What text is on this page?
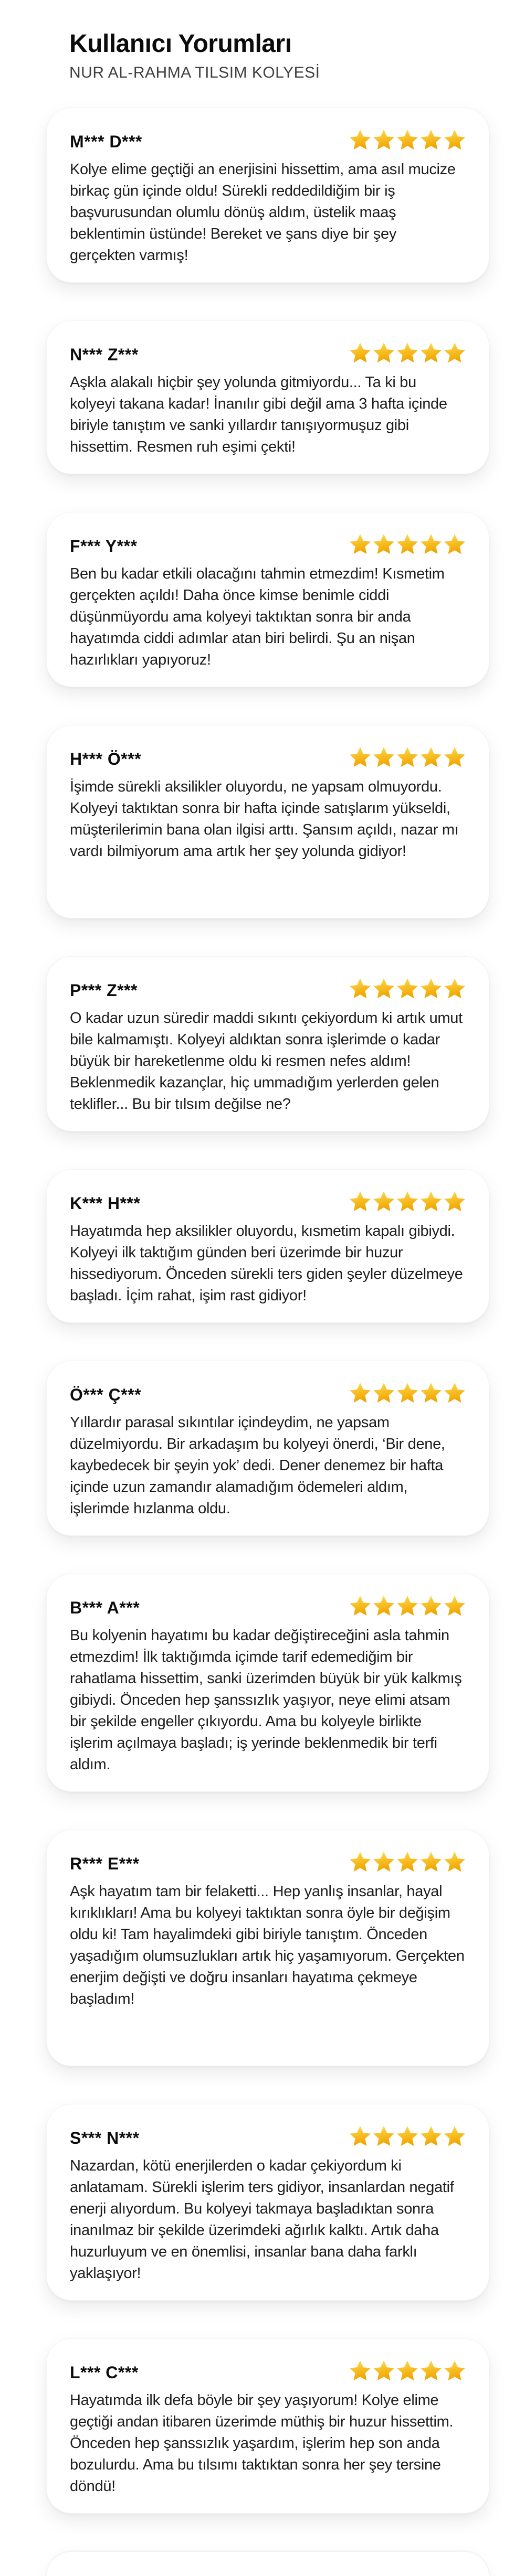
Kullanıcı Yorumları
NUR AL-RAHMA TILSIM KOLYESİ
M*** D***

Kolye elime geçtiği an enerjisini hissettim, ama asıl mucize birkaç gün içinde oldu! Sürekli reddedildiğim bir iş başvurusundan olumlu dönüş aldım, üstelik maaş beklentimin üstünde! Bereket ve şans diye bir şey gerçekten varmış!

N*** Z***

Aşkla alakalı hiçbir şey yolunda gitmiyordu... Ta ki bu kolyeyi takana kadar! İnanılır gibi değil ama 3 hafta içinde biriyle tanıştım ve sanki yıllardır tanışıyormuşuz gibi hissettim. Resmen ruh eşimi çekti!

F*** Y***

Ben bu kadar etkili olacağını tahmin etmezdim! Kısmetim gerçekten açıldı! Daha önce kimse benimle ciddi düşünmüyordu ama kolyeyi taktıktan sonra bir anda hayatımda ciddi adımlar atan biri belirdi. Şu an nişan hazırlıkları yapıyoruz!

H*** Ö***

İşimde sürekli aksilikler oluyordu, ne yapsam olmuyordu. Kolyeyi taktıktan sonra bir hafta içinde satışlarım yükseldi, müşterilerimin bana olan ilgisi arttı. Şansım açıldı, nazar mı vardı bilmiyorum ama artık her şey yolunda gidiyor!

P*** Z***

O kadar uzun süredir maddi sıkıntı çekiyordum ki artık umut bile kalmamıştı. Kolyeyi aldıktan sonra işlerimde o kadar büyük bir hareketlenme oldu ki resmen nefes aldım! Beklenmedik kazançlar, hiç ummadığım yerlerden gelen teklifler... Bu bir tılsım değilse ne?

K*** H***

Hayatımda hep aksilikler oluyordu, kısmetim kapalı gibiydi. Kolyeyi ilk taktığım günden beri üzerimde bir huzur hissediyorum. Önceden sürekli ters giden şeyler düzelmeye başladı. İçim rahat, işim rast gidiyor!

Ö*** Ç***

Yıllardır parasal sıkıntılar içindeydim, ne yapsam düzelmiyordu. Bir arkadaşım bu kolyeyi önerdi, ‘Bir dene, kaybedecek bir şeyin yok’ dedi. Dener denemez bir hafta içinde uzun zamandır alamadığım ödemeleri aldım, işlerimde hızlanma oldu.

B*** A***

Bu kolyenin hayatımı bu kadar değiştireceğini asla tahmin etmezdim! İlk taktığımda içimde tarif edemediğim bir rahatlama hissettim, sanki üzerimden büyük bir yük kalkmış gibiydi. Önceden hep şanssızlık yaşıyor, neye elimi atsam bir şekilde engeller çıkıyordu. Ama bu kolyeyle birlikte işlerim açılmaya başladı; iş yerinde beklenmedik bir terfi aldım.

R*** E***

Aşk hayatım tam bir felaketti... Hep yanlış insanlar, hayal kırıklıkları! Ama bu kolyeyi taktıktan sonra öyle bir değişim oldu ki! Tam hayalimdeki gibi biriyle tanıştım. Önceden yaşadığım olumsuzlukları artık hiç yaşamıyorum. Gerçekten enerjim değişti ve doğru insanları hayatıma çekmeye başladım!

S*** N***

Nazardan, kötü enerjilerden o kadar çekiyordum ki anlatamam. Sürekli işlerim ters gidiyor, insanlardan negatif enerji alıyordum. Bu kolyeyi takmaya başladıktan sonra inanılmaz bir şekilde üzerimdeki ağırlık kalktı. Artık daha huzurluyum ve en önemlisi, insanlar bana daha farklı yaklaşıyor!

L*** C***

Hayatımda ilk defa böyle bir şey yaşıyorum! Kolye elime geçtiği andan itibaren üzerimde müthiş bir huzur hissettim. Önceden hep şanssızlık yaşardım, işlerim hep son anda bozulurdu. Ama bu tılsımı taktıktan sonra her şey tersine döndü!
